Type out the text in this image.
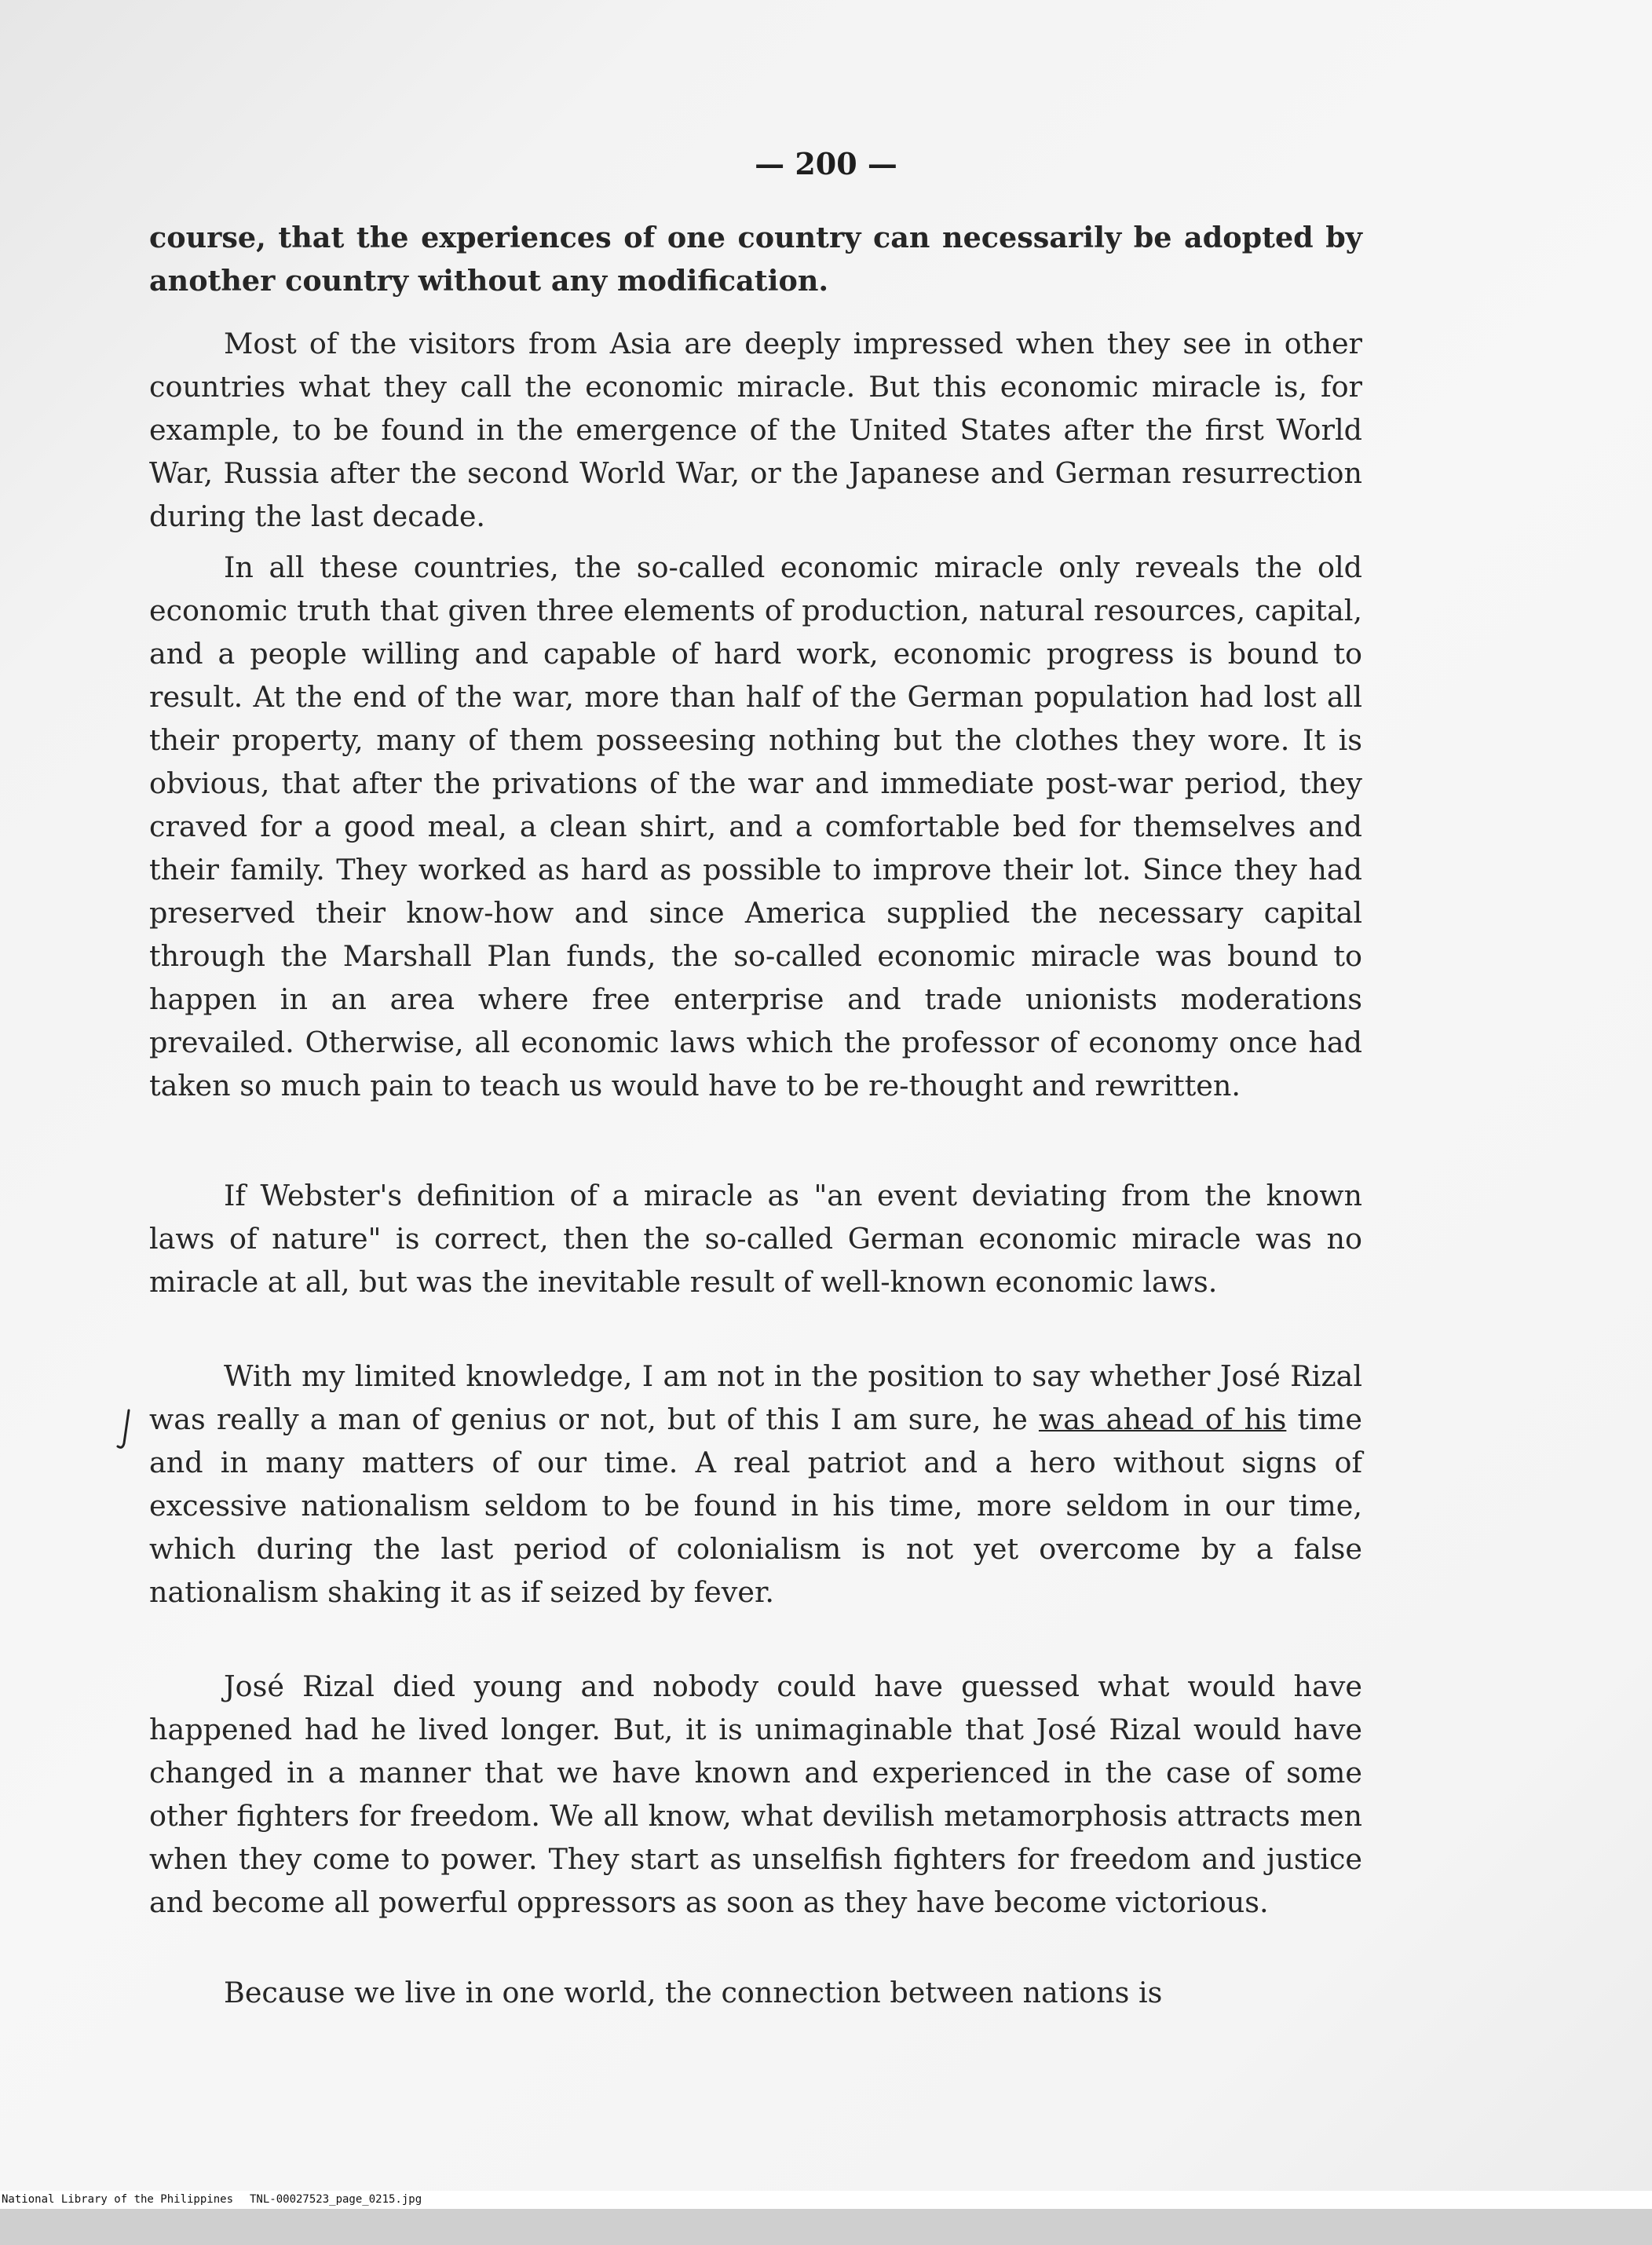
— 200 —
course, that the experiences of one country can necessarily be adopted by another country without any modification.
Most of the visitors from Asia are deeply impressed when they see in other countries what they call the economic miracle. But this economic miracle is, for example, to be found in the emergence of the United States after the first World War, Russia after the second World War, or the Japanese and German resurrection during the last decade.
In all these countries, the so-called economic miracle only reveals the old economic truth that given three elements of production, natural resources, capital, and a people willing and capable of hard work, economic progress is bound to result. At the end of the war, more than half of the German population had lost all their property, many of them posseesing nothing but the clothes they wore. It is obvious, that after the privations of the war and immediate post-war period, they craved for a good meal, a clean shirt, and a comfortable bed for themselves and their family. They worked as hard as possible to improve their lot. Since they had preserved their know-how and since America supplied the necessary capital through the Marshall Plan funds, the so-called economic miracle was bound to happen in an area where free enterprise and trade unionists moderations prevailed. Otherwise, all economic laws which the professor of economy once had taken so much pain to teach us would have to be re-thought and rewritten.
If Webster's definition of a miracle as "an event deviating from the known laws of nature" is correct, then the so-called German economic miracle was no miracle at all, but was the inevitable result of well-known economic laws.
With my limited knowledge, I am not in the position to say whether José Rizal was really a man of genius or not, but of this I am sure, he was ahead of his time and in many matters of our time. A real patriot and a hero without signs of excessive nationalism seldom to be found in his time, more seldom in our time, which during the last period of colonialism is not yet overcome by a false nationalism shaking it as if seized by fever.
José Rizal died young and nobody could have guessed what would have happened had he lived longer. But, it is unimaginable that José Rizal would have changed in a manner that we have known and experienced in the case of some other fighters for freedom. We all know, what devilish metamorphosis attracts men when they come to power. They start as unselfish fighters for freedom and justice and become all powerful oppressors as soon as they have become victorious.
Because we live in one world, the connection between nations is

National Library of the Philippines

TNL-00027523_page_0215.jpg
